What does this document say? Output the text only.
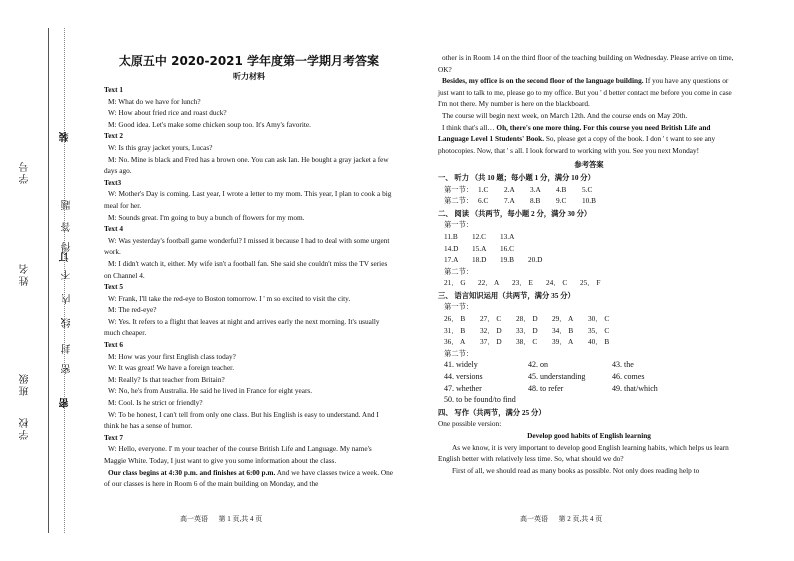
学号
姓名
班级
学校
装
题
答
得
不
订
内
线
封
密
密
太原五中 2020-2021 学年度第一学期月考答案
听力材料
Text 1
M: What do we have for lunch?
W: How about fried rice and roast duck?
M: Good idea. Let's make some chicken soup too. It's Amy's favorite.
Text 2
W: Is this gray jacket yours, Lucas?
M: No. Mine is black and Fred has a brown one. You can ask Ian. He bought a gray jacket a few days ago.
Text3
W: Mother's Day is coming. Last year, I wrote a letter to my mom. This year, I plan to cook a big meal for her.
M: Sounds great. I'm going to buy a bunch of flowers for my mom.
Text 4
W: Was yesterday's football game wonderful? I missed it because I had to deal with some urgent work.
M: I didn't watch it, either. My wife isn't a football fan. She said she couldn't miss the TV series on Channel 4.
Text 5
W: Frank, I'll take the red-eye to Boston tomorrow. I ' m so excited to visit the city.
M: The red-eye?
W: Yes. It refers to a flight that leaves at night and arrives early the next morning. It's usually much cheaper.
Text 6
M: How was your first English class today?
W: It was great! We have a foreign teacher.
M: Really? Is that teacher from Britain?
W: No, he's from Australia. He said he lived in France for eight years.
M: Cool. Is he strict or friendly?
W: To be honest, I can't tell from only one class. But his English is easy to understand. And I think he has a sense of humor.
Text 7
W: Hello, everyone. I' m your teacher of the course British Life and Language. My name's Maggie White. Today, I just want to give you some information about the class.
Our class begins at 4:30 p.m. and finishes at 6:00 p.m. And we have classes twice a week. One of our classes is here in Room 6 of the main building on Monday, and the
other is in Room 14 on the third floor of the teaching building on Wednesday. Please arrive on time, OK?
Besides, my office is on the second floor of the language building. If you have any questions or just want to talk to me, please go to my office. But you ' d better contact me before you come in case I'm not there. My number is here on the blackboard.
The course will begin next week, on March 12th. And the course ends on May 20th.
I think that's all… Oh, there's one more thing. For this course you need British Life and Language Level 1 Students' Book. So, please get a copy of the book. I don ' t want to see any photocopies. Now, that ' s all. I look forward to working with you. See you next Monday!
参考答案
一、 听力 （共 10 题；每小题 1 分，满分 10 分）
第一节： 1.C	2.A	3.A	4.B	5.C
第二节： 6.C	7.A	8.B	9.C	10.B
二、 阅读 （共两节，每小题 2 分，满分 30 分）
第一节：
11.B	12.C	13.A
14.D	15.A	16.C
17.A	18.D	19.B	20.D
第二节：
21． G	22． A	23． E	24． C	25． F
三、 语言知识运用（共两节，满分 35 分）
第一节：
26． B	27． C	28． D	29． A	30． C
31． B	32． D	33． D	34． B	35． C
36． A	37． D	38． C	39． A	40． B
第二节：
41. widely	42. on	43. the
44. versions	45. understanding	46. comes
47. whether	48. to refer	49. that/which
50. to be found/to find
四、 写作（共两节，满分 25 分）
One possible version:
Develop good habits of English learning
As we know, it is very important to develop good English learning habits, which helps us learn English better with relatively less time. So, what should we do?
First of all, we should read as many books as possible. Not only does reading help to
高一英语 第 1 页,共 4 页	高一英语 第 2 页,共 4 页
